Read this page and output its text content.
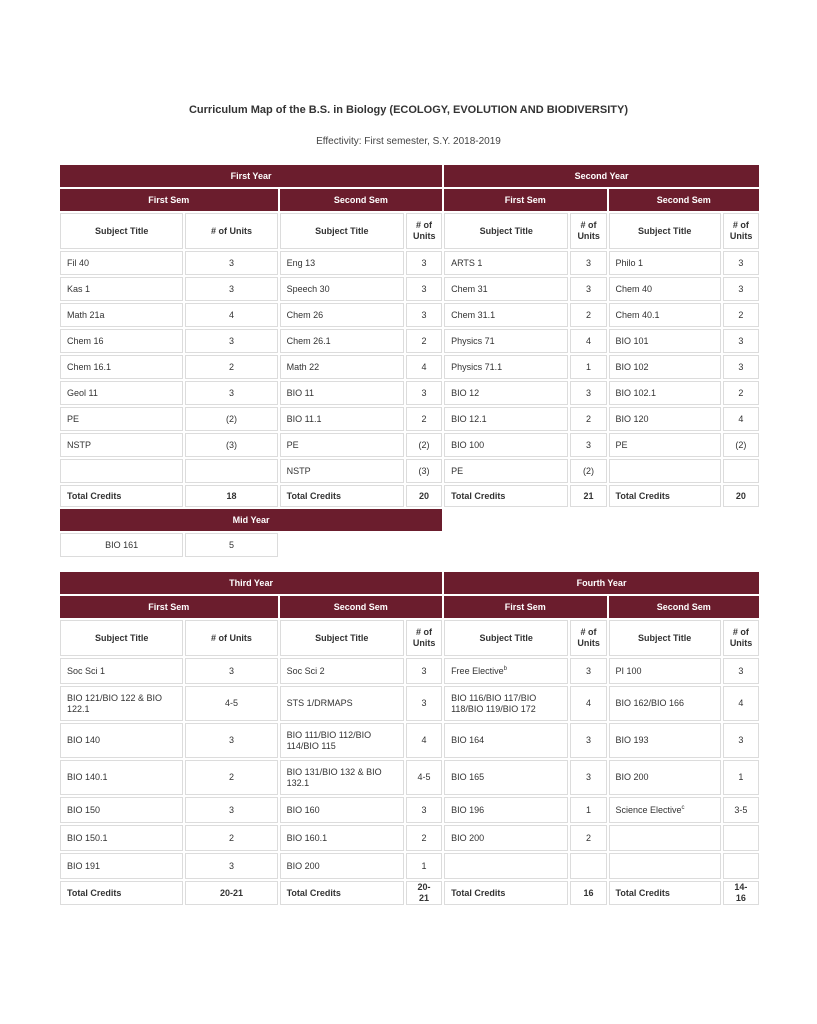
Curriculum Map of the B.S. in Biology (ECOLOGY, EVOLUTION AND BIODIVERSITY)
Effectivity: First semester, S.Y. 2018-2019
First Year				Second Year			
First Sem		Second Sem		First Sem		Second Sem	
Subject Title	# of Units	Subject Title	# of Units	Subject Title	# of Units	Subject Title	# of Units
Fil 40	3	Eng 13	3	ARTS 1	3	Philo 1	3
Kas 1	3	Speech 30	3	Chem 31	3	Chem 40	3
Math 21a	4	Chem 26	3	Chem 31.1	2	Chem 40.1	2
Chem 16	3	Chem 26.1	2	Physics 71	4	BIO 101	3
Chem 16.1	2	Math 22	4	Physics 71.1	1	BIO 102	3
Geol 11	3	BIO 11	3	BIO 12	3	BIO 102.1	2
PE	(2)	BIO 11.1	2	BIO 12.1	2	BIO 120	4
NSTP	(3)	PE	(2)	BIO 100	3	PE	(2)
		NSTP	(3)	PE	(2)		
Total Credits	18	Total Credits	20	Total Credits	21	Total Credits	20
Mid Year							
BIO 161	5						
Third Year				Fourth Year			
First Sem		Second Sem		First Sem		Second Sem	
Subject Title	# of Units	Subject Title	# of Units	Subject Title	# of Units	Subject Title	# of Units
Soc Sci 1	3	Soc Sci 2	3	Free Elective$^b$	3	PI 100	3
BIO 121/BIO 122 & BIO 122.1	4-5	STS 1/DRMAPS	3	BIO 116/BIO 117/BIO 118/BIO 119/BIO 172	4	BIO 162/BIO 166	4
BIO 140	3	BIO 111/BIO 112/BIO 114/BIO 115	4	BIO 164	3	BIO 193	3
BIO 140.1	2	BIO 131/BIO 132 & BIO 132.1	4-5	BIO 165	3	BIO 200	1
BIO 150	3	BIO 160	3	BIO 196	1	Science Elective$^c$	3-5
BIO 150.1	2	BIO 160.1	2	BIO 200	2		
BIO 191	3	BIO 200	1				
Total Credits	20-21	Total Credits	20-21	Total Credits	16	Total Credits	14-16
